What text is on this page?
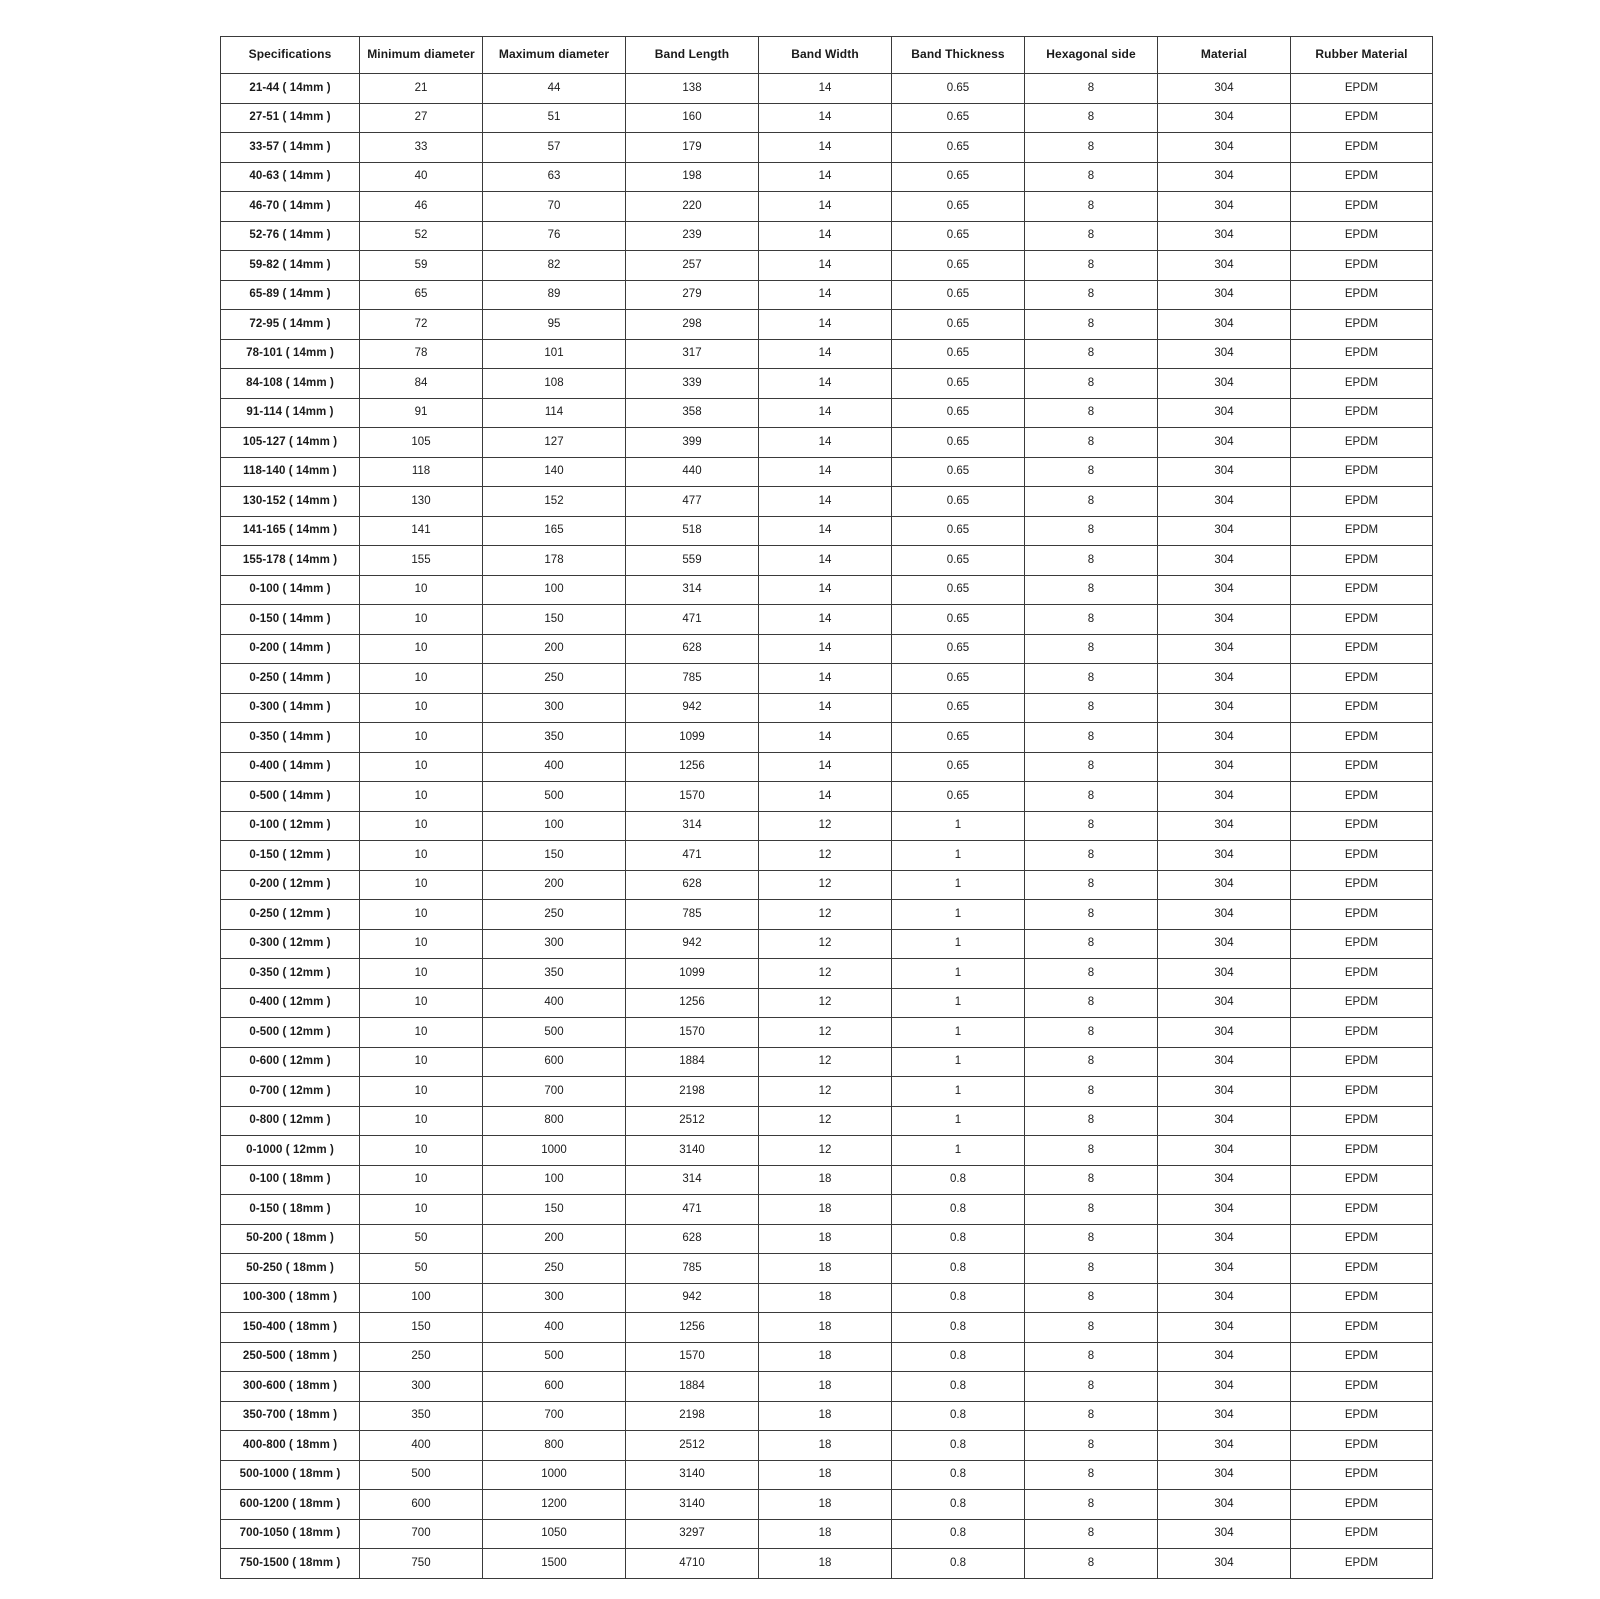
Specifications	Minimum diameter	Maximum diameter	Band Length	Band Width	Band Thickness	Hexagonal side	Material	Rubber Material
21-44 ( 14mm )	21	44	138	14	0.65	8	304	EPDM
27-51 ( 14mm )	27	51	160	14	0.65	8	304	EPDM
33-57 ( 14mm )	33	57	179	14	0.65	8	304	EPDM
40-63 ( 14mm )	40	63	198	14	0.65	8	304	EPDM
46-70 ( 14mm )	46	70	220	14	0.65	8	304	EPDM
52-76 ( 14mm )	52	76	239	14	0.65	8	304	EPDM
59-82 ( 14mm )	59	82	257	14	0.65	8	304	EPDM
65-89 ( 14mm )	65	89	279	14	0.65	8	304	EPDM
72-95 ( 14mm )	72	95	298	14	0.65	8	304	EPDM
78-101 ( 14mm )	78	101	317	14	0.65	8	304	EPDM
84-108 ( 14mm )	84	108	339	14	0.65	8	304	EPDM
91-114 ( 14mm )	91	114	358	14	0.65	8	304	EPDM
105-127 ( 14mm )	105	127	399	14	0.65	8	304	EPDM
118-140 ( 14mm )	118	140	440	14	0.65	8	304	EPDM
130-152 ( 14mm )	130	152	477	14	0.65	8	304	EPDM
141-165 ( 14mm )	141	165	518	14	0.65	8	304	EPDM
155-178 ( 14mm )	155	178	559	14	0.65	8	304	EPDM
0-100 ( 14mm )	10	100	314	14	0.65	8	304	EPDM
0-150 ( 14mm )	10	150	471	14	0.65	8	304	EPDM
0-200 ( 14mm )	10	200	628	14	0.65	8	304	EPDM
0-250 ( 14mm )	10	250	785	14	0.65	8	304	EPDM
0-300 ( 14mm )	10	300	942	14	0.65	8	304	EPDM
0-350 ( 14mm )	10	350	1099	14	0.65	8	304	EPDM
0-400 ( 14mm )	10	400	1256	14	0.65	8	304	EPDM
0-500 ( 14mm )	10	500	1570	14	0.65	8	304	EPDM
0-100 ( 12mm )	10	100	314	12	1	8	304	EPDM
0-150 ( 12mm )	10	150	471	12	1	8	304	EPDM
0-200 ( 12mm )	10	200	628	12	1	8	304	EPDM
0-250 ( 12mm )	10	250	785	12	1	8	304	EPDM
0-300 ( 12mm )	10	300	942	12	1	8	304	EPDM
0-350 ( 12mm )	10	350	1099	12	1	8	304	EPDM
0-400 ( 12mm )	10	400	1256	12	1	8	304	EPDM
0-500 ( 12mm )	10	500	1570	12	1	8	304	EPDM
0-600 ( 12mm )	10	600	1884	12	1	8	304	EPDM
0-700 ( 12mm )	10	700	2198	12	1	8	304	EPDM
0-800 ( 12mm )	10	800	2512	12	1	8	304	EPDM
0-1000 ( 12mm )	10	1000	3140	12	1	8	304	EPDM
0-100 ( 18mm )	10	100	314	18	0.8	8	304	EPDM
0-150 ( 18mm )	10	150	471	18	0.8	8	304	EPDM
50-200 ( 18mm )	50	200	628	18	0.8	8	304	EPDM
50-250 ( 18mm )	50	250	785	18	0.8	8	304	EPDM
100-300 ( 18mm )	100	300	942	18	0.8	8	304	EPDM
150-400 ( 18mm )	150	400	1256	18	0.8	8	304	EPDM
250-500 ( 18mm )	250	500	1570	18	0.8	8	304	EPDM
300-600 ( 18mm )	300	600	1884	18	0.8	8	304	EPDM
350-700 ( 18mm )	350	700	2198	18	0.8	8	304	EPDM
400-800 ( 18mm )	400	800	2512	18	0.8	8	304	EPDM
500-1000 ( 18mm )	500	1000	3140	18	0.8	8	304	EPDM
600-1200 ( 18mm )	600	1200	3140	18	0.8	8	304	EPDM
700-1050 ( 18mm )	700	1050	3297	18	0.8	8	304	EPDM
750-1500 ( 18mm )	750	1500	4710	18	0.8	8	304	EPDM
